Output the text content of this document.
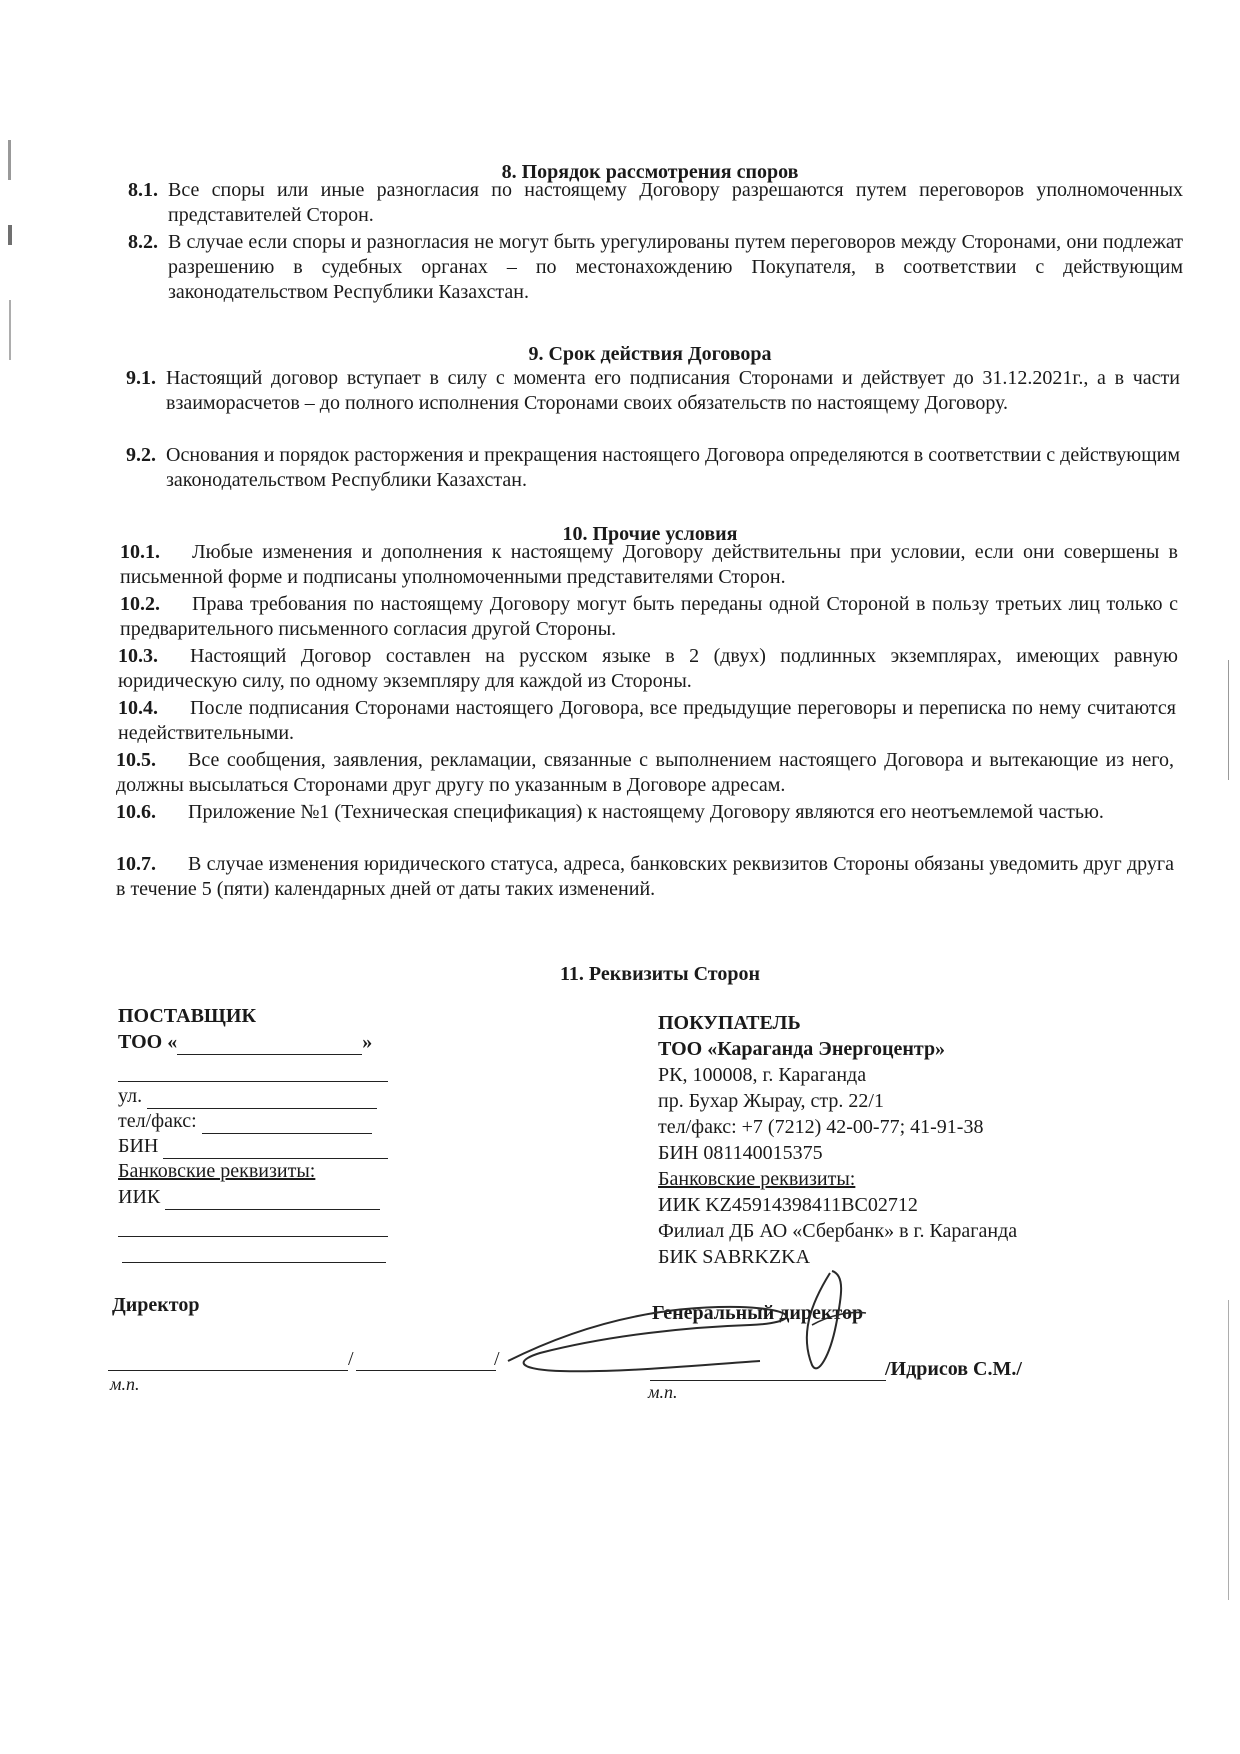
8. Порядок рассмотрения споров
8.1. Все споры или иные разногласия по настоящему Договору разрешаются путем переговоров уполномоченных представителей Сторон.
8.2. В случае если споры и разногласия не могут быть урегулированы путем переговоров между Сторонами, они подлежат разрешению в судебных органах – по местонахождению Покупателя, в соответствии с действующим законодательством Республики Казахстан.
9. Срок действия Договора
9.1. Настоящий договор вступает в силу с момента его подписания Сторонами и действует до 31.12.2021г., а в части взаиморасчетов – до полного исполнения Сторонами своих обязательств по настоящему Договору.
9.2. Основания и порядок расторжения и прекращения настоящего Договора определяются в соответствии с действующим законодательством Республики Казахстан.
10. Прочие условия
10.1.	Любые изменения и дополнения к настоящему Договору действительны при условии, если они совершены в письменной форме и подписаны уполномоченными представителями Сторон.
10.2.	Права требования по настоящему Договору могут быть переданы одной Стороной в пользу третьих лиц только с предварительного письменного согласия другой Стороны.
10.3.	Настоящий Договор составлен на русском языке в 2 (двух) подлинных экземплярах, имеющих равную юридическую силу, по одному экземпляру для каждой из Стороны.
10.4.	После подписания Сторонами настоящего Договора, все предыдущие переговоры и переписка по нему считаются недействительными.
10.5.	Все сообщения, заявления, рекламации, связанные с выполнением настоящего Договора и вытекающие из него, должны высылаться Сторонами друг другу по указанным в Договоре адресам.
10.6.	Приложение №1 (Техническая спецификация) к настоящему Договору являются его неотъемлемой частью.
10.7.	В случае изменения юридического статуса, адреса, банковских реквизитов Стороны обязаны уведомить друг друга в течение 5 (пяти) календарных дней от даты таких изменений.
11. Реквизиты Сторон
ПОСТАВЩИК
ТОО «	»
ул.
тел/факс:
БИН
Банковские реквизиты:
ИИК
Директор
/	/
м.п.
ПОКУПАТЕЛЬ
ТОО «Караганда Энергоцентр»
РК, 100008, г. Караганда
пр. Бухар Жырау, стр. 22/1
тел/факс: +7 (7212) 42-00-77; 41-91-38
БИН 081140015375
Банковские реквизиты:
ИИК KZ45914398411BC02712
Филиал ДБ АО «Сбербанк» в г. Караганда
БИК SABRKZKA
Генеральный директор
/Идрисов С.М./
м.п.
